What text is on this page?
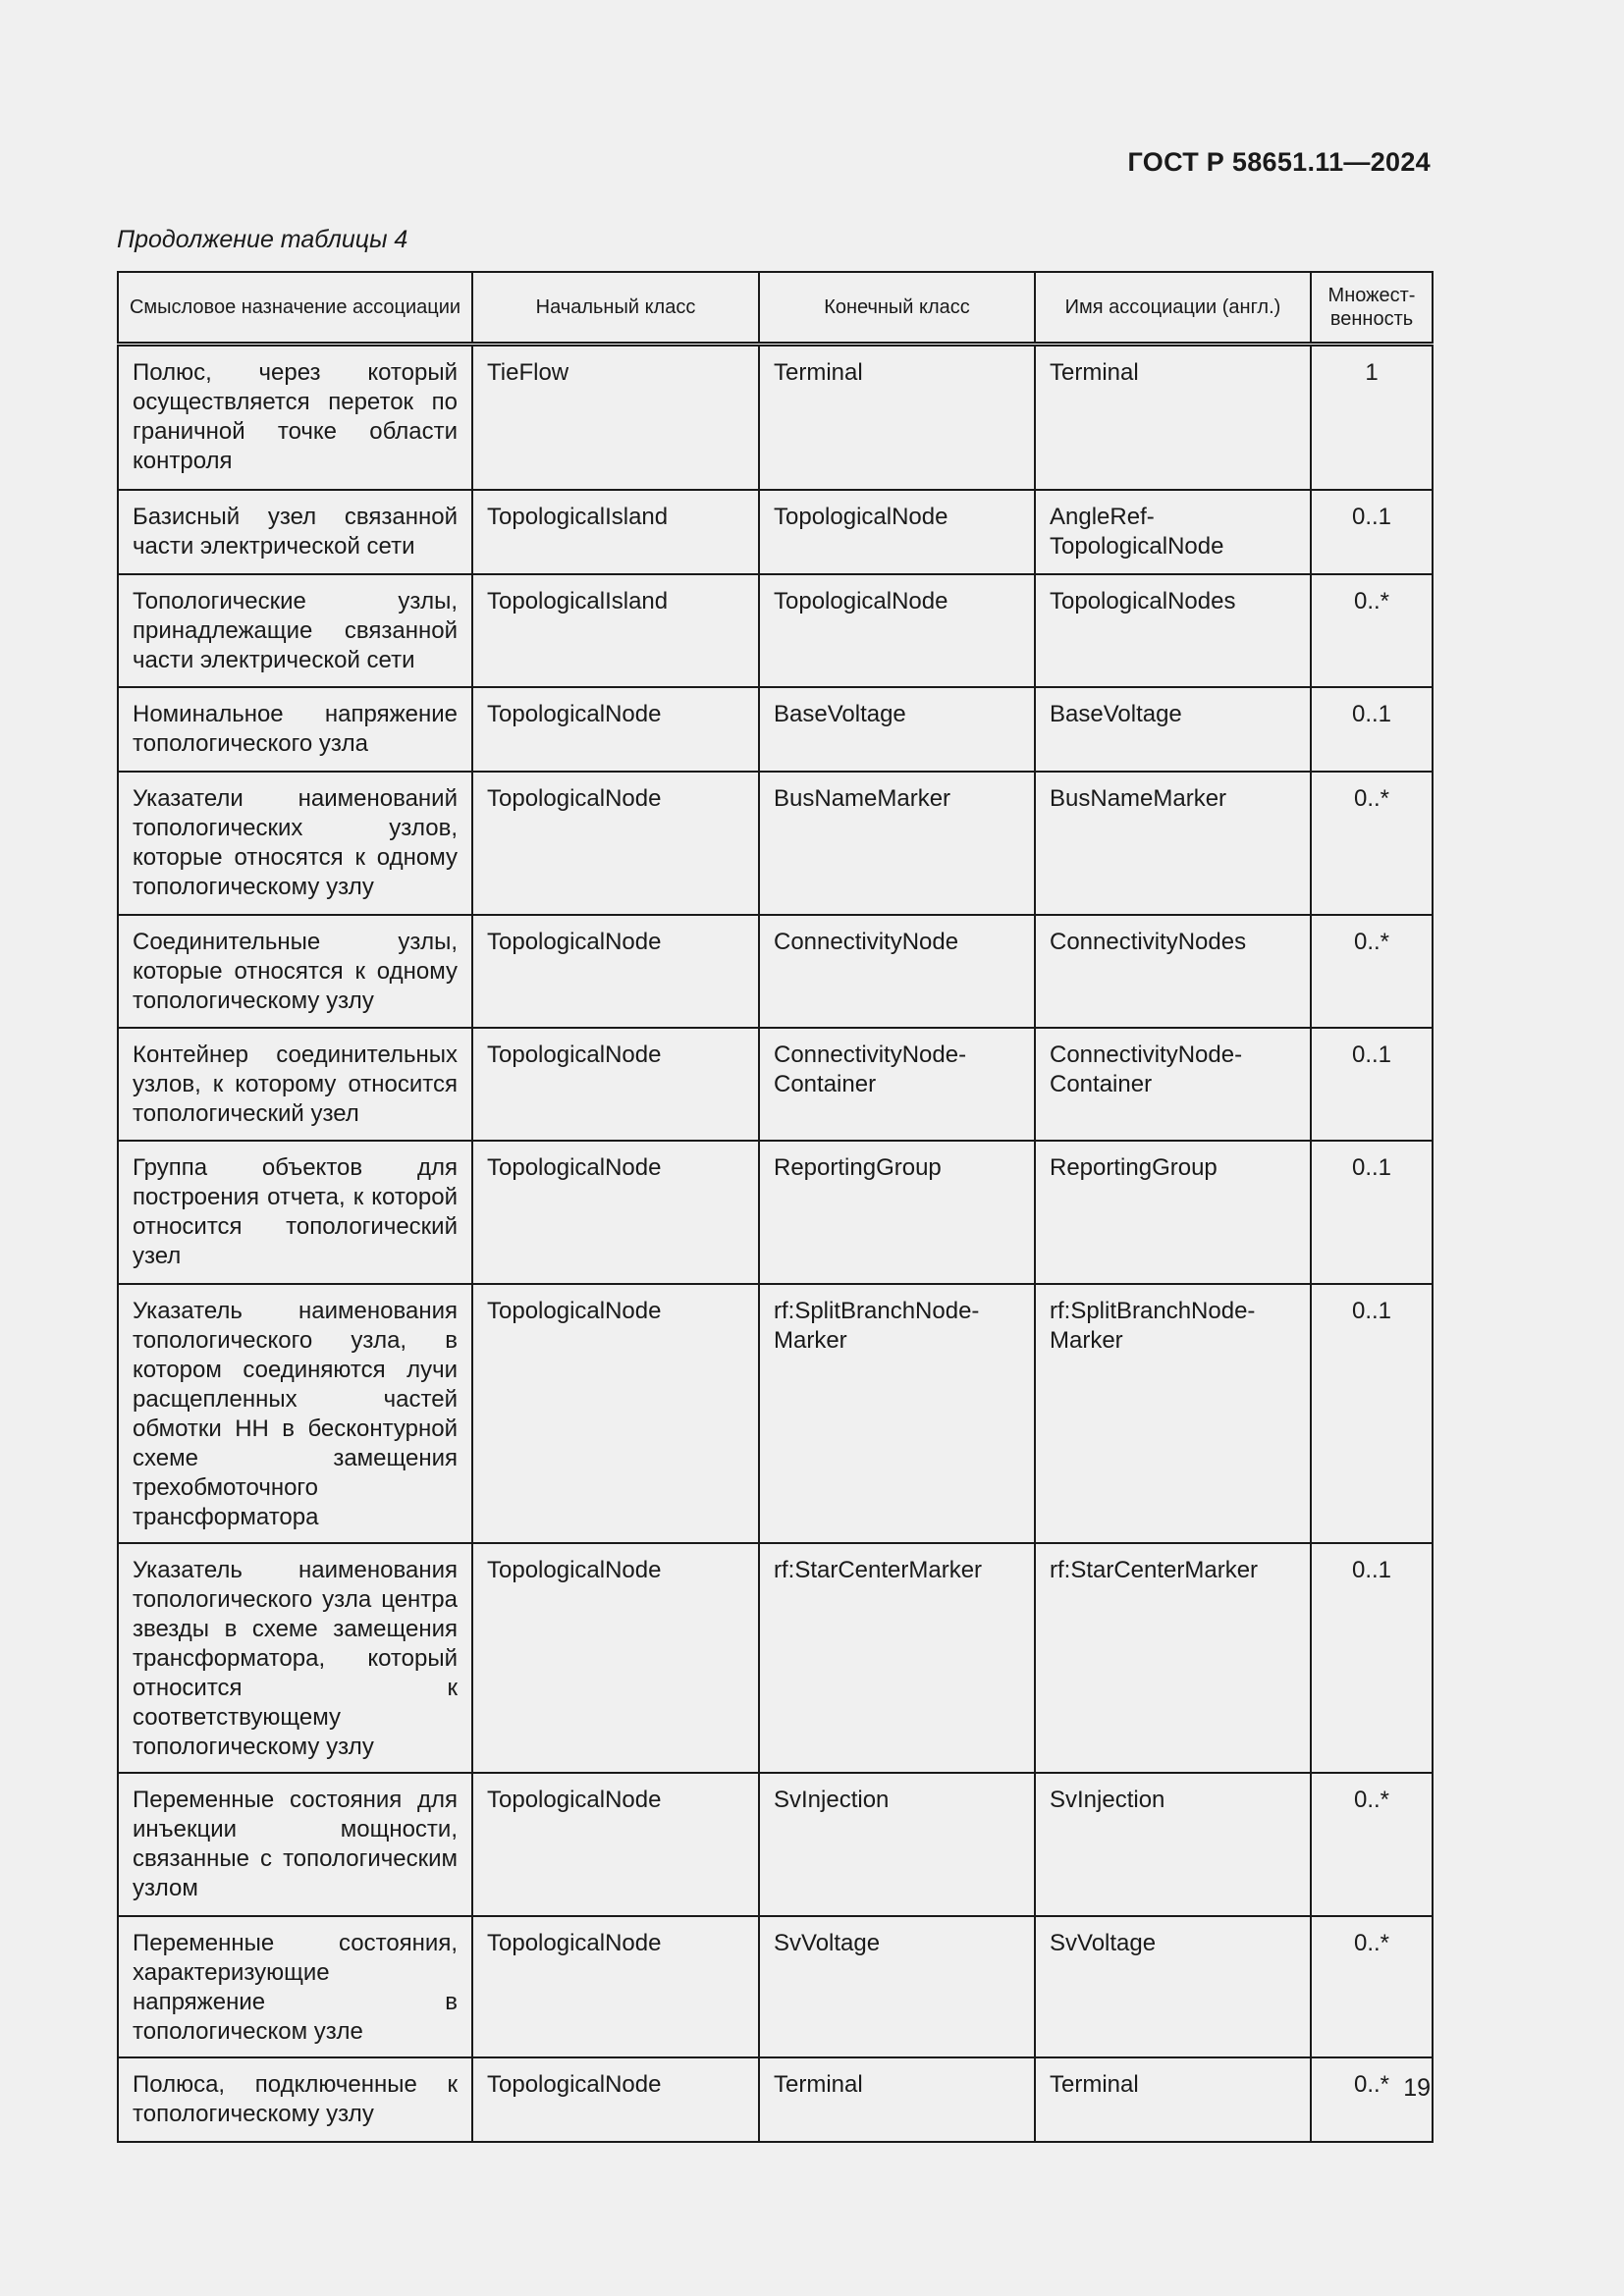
ГОСТ Р 58651.11—2024
Продолжение таблицы 4
Смысловое назначение ассоциации	Начальный класс	Конечный класс	Имя ассоциации (англ.)	Множест-венность
Полюс, через который осуществляется переток по граничной точке области контроля	TieFlow	Terminal	Terminal	1
Базисный узел связанной части электрической сети	TopologicalIsland	TopologicalNode	AngleRef-TopologicalNode	0..1
Топологические узлы, принадлежащие связанной части электрической сети	TopologicalIsland	TopologicalNode	TopologicalNodes	0..*
Номинальное напряжение топологического узла	TopologicalNode	BaseVoltage	BaseVoltage	0..1
Указатели наименований топологических узлов, которые относятся к одному топологическому узлу	TopologicalNode	BusNameMarker	BusNameMarker	0..*
Соединительные узлы, которые относятся к одному топологическому узлу	TopologicalNode	ConnectivityNode	ConnectivityNodes	0..*
Контейнер соединительных узлов, к которому относится топологический узел	TopologicalNode	ConnectivityNode-Container	ConnectivityNode-Container	0..1
Группа объектов для построения отчета, к которой относится топологический узел	TopologicalNode	ReportingGroup	ReportingGroup	0..1
Указатель наименования топологического узла, в котором соединяются лучи расщепленных частей обмотки НН в бесконтурной схеме замещения трехобмоточного трансформатора	TopologicalNode	rf:SplitBranchNode-Marker	rf:SplitBranchNode-Marker	0..1
Указатель наименования топологического узла центра звезды в схеме замещения трансформатора, который относится к соответствующему топологическому узлу	TopologicalNode	rf:StarCenterMarker	rf:StarCenterMarker	0..1
Переменные состояния для инъекции мощности, связанные с топологическим узлом	TopologicalNode	SvInjection	SvInjection	0..*
Переменные состояния, характеризующие напряжение в топологическом узле	TopologicalNode	SvVoltage	SvVoltage	0..*
Полюса, подключенные к топологическому узлу	TopologicalNode	Terminal	Terminal	0..* 19
